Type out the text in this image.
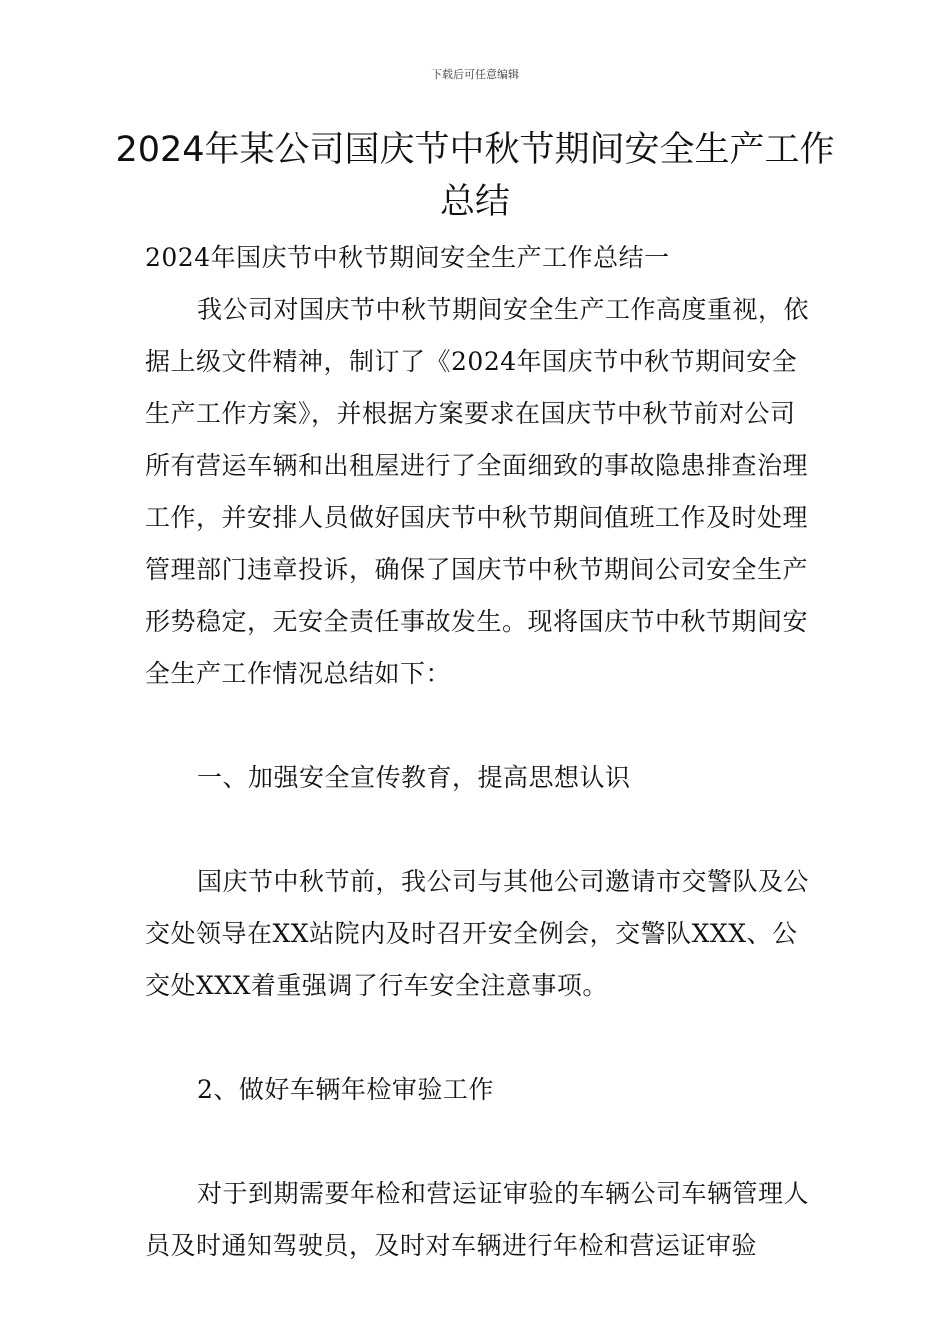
下载后可任意编辑
2024年某公司国庆节中秋节期间安全生产工作总结

2024年国庆节中秋节期间安全生产工作总结一

我公司对国庆节中秋节期间安全生产工作高度重视，依据上级文件精神，制订了《2024年国庆节中秋节期间安全生产工作方案》，并根据方案要求在国庆节中秋节前对公司所有营运车辆和出租屋进行了全面细致的事故隐患排查治理工作，并安排人员做好国庆节中秋节期间值班工作及时处理管理部门违章投诉，确保了国庆节中秋节期间公司安全生产形势稳定，无安全责任事故发生。现将国庆节中秋节期间安全生产工作情况总结如下：

一、加强安全宣传教育，提高思想认识

国庆节中秋节前，我公司与其他公司邀请市交警队及公交处领导在XX站院内及时召开安全例会，交警队XXX、公交处XXX着重强调了行车安全注意事项。

2、做好车辆年检审验工作

对于到期需要年检和营运证审验的车辆公司车辆管理人员及时通知驾驶员，及时对车辆进行年检和营运证审验
